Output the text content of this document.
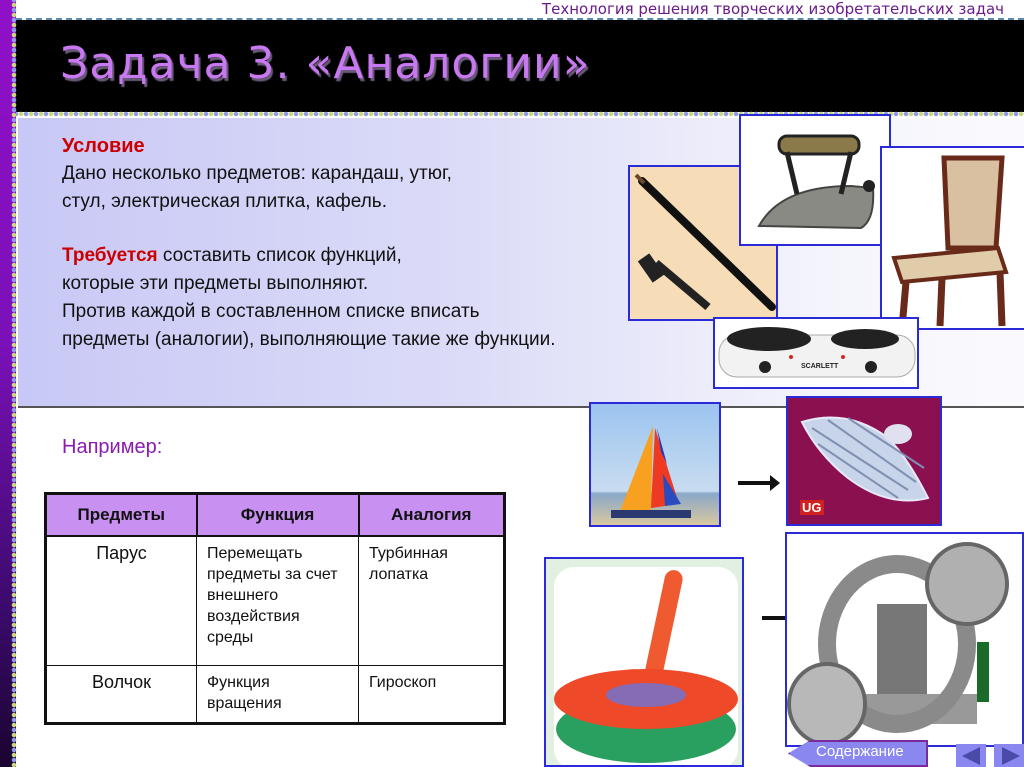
Технология решения творческих изобретательских задач
Задача 3. «Аналогии»
Условие
Дано несколько предметов: карандаш, утюг,
стул, электрическая плитка, кафель.
Требуется составить список функций,
которые эти предметы выполняют.
Против каждой в составленном списке вписать
предметы (аналогии), выполняющие такие же функции.
SCARLETT
Например:
Предметы	Функция	Аналогия
Парус	Перемещать предметы за счет внешнего воздействия среды	Турбинная лопатка
Волчок	Функция вращения	Гироскоп
UG
Содержание
